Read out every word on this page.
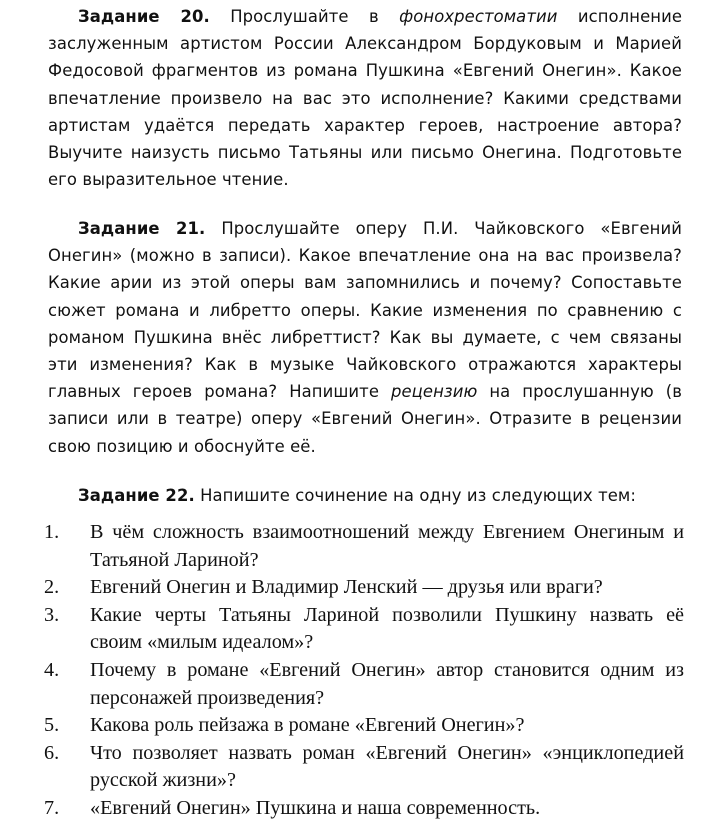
Задание 20. Прослушайте в фонохрестоматии исполнение заслуженным артистом России Александром Бордуковым и Марией Федосовой фрагментов из романа Пушкина «Евгений Онегин». Какое впечатление произвело на вас это исполнение? Какими средствами артистам удаётся передать характер героев, настроение автора? Выучите наизусть письмо Татьяны или письмо Онегина. Подготовьте его выразительное чтение.

Задание 21. Прослушайте оперу П.И. Чайковского «Евгений Онегин» (можно в записи). Какое впечатление она на вас произвела? Какие арии из этой оперы вам запомнились и почему? Сопоставьте сюжет романа и либретто оперы. Какие изменения по сравнению с романом Пушкина внёс либреттист? Как вы думаете, с чем связаны эти изменения? Как в музыке Чайковского отражаются характеры главных героев романа? Напишите рецензию на прослушанную (в записи или в театре) оперу «Евгений Онегин». Отразите в рецензии свою позицию и обоснуйте её.

Задание 22. Напишите сочинение на одну из следующих тем:

1. В чём сложность взаимоотношений между Евгением Онегиным и Татьяной Лариной?
2. Евгений Онегин и Владимир Ленский — друзья или враги?
3. Какие черты Татьяны Лариной позволили Пушкину назвать её своим «милым идеалом»?
4. Почему в романе «Евгений Онегин» автор становится одним из персонажей произведения?
5. Какова роль пейзажа в романе «Евгений Онегин»?
6. Что позволяет назвать роман «Евгений Онегин» «энциклопедией русской жизни»?
7. «Евгений Онегин» Пушкина и наша современность.
